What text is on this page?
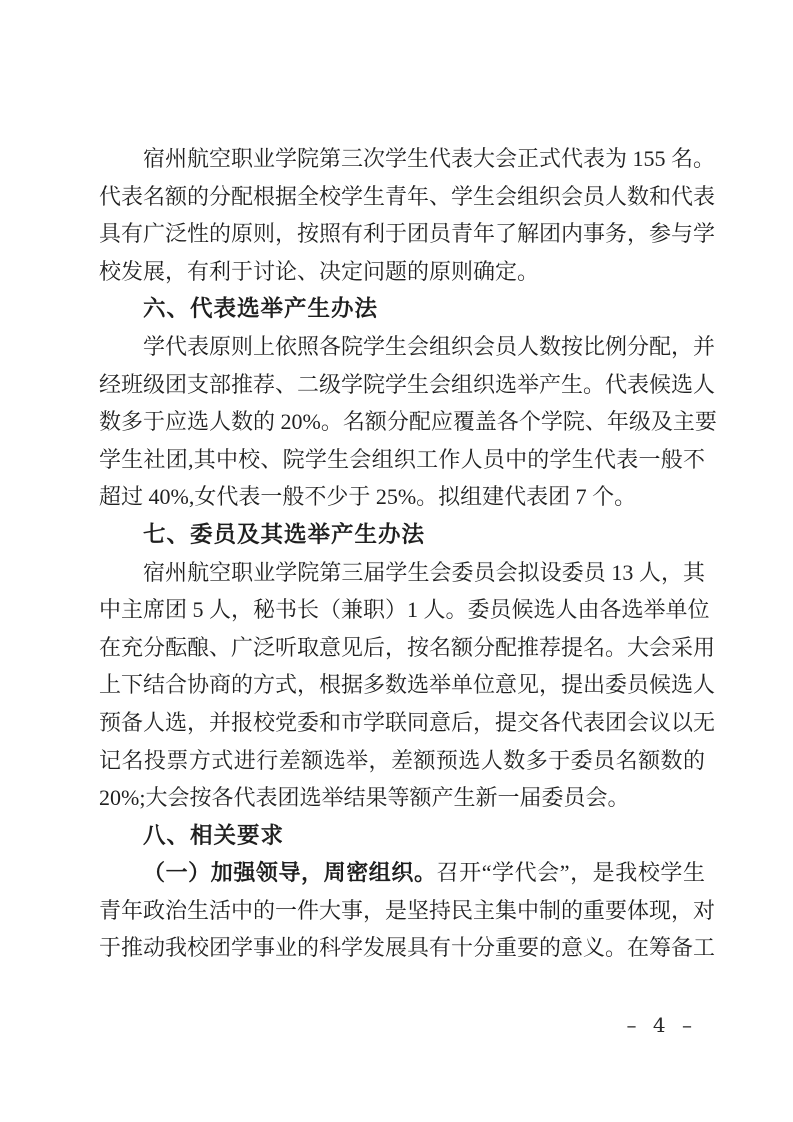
宿州航空职业学院第三次学生代表大会正式代表为 155 名。
代表名额的分配根据全校学生青年、学生会组织会员人数和代表
具有广泛性的原则，按照有利于团员青年了解团内事务，参与学
校发展，有利于讨论、决定问题的原则确定。
六、代表选举产生办法
学代表原则上依照各院学生会组织会员人数按比例分配，并
经班级团支部推荐、二级学院学生会组织选举产生。代表候选人
数多于应选人数的 20%。名额分配应覆盖各个学院、年级及主要
学生社团,其中校、院学生会组织工作人员中的学生代表一般不
超过 40%,女代表一般不少于 25%。拟组建代表团 7 个。
七、委员及其选举产生办法
宿州航空职业学院第三届学生会委员会拟设委员 13 人，其
中主席团 5 人，秘书长（兼职）1 人。委员候选人由各选举单位
在充分酝酿、广泛听取意见后，按名额分配推荐提名。大会采用
上下结合协商的方式，根据多数选举单位意见，提出委员候选人
预备人选，并报校党委和市学联同意后，提交各代表团会议以无
记名投票方式进行差额选举，差额预选人数多于委员名额数的
20%;大会按各代表团选举结果等额产生新一届委员会。
八、相关要求
（一）加强领导，周密组织。召开“学代会”，是我校学生
青年政治生活中的一件大事，是坚持民主集中制的重要体现，对
于推动我校团学事业的科学发展具有十分重要的意义。在筹备工
– 4 –
